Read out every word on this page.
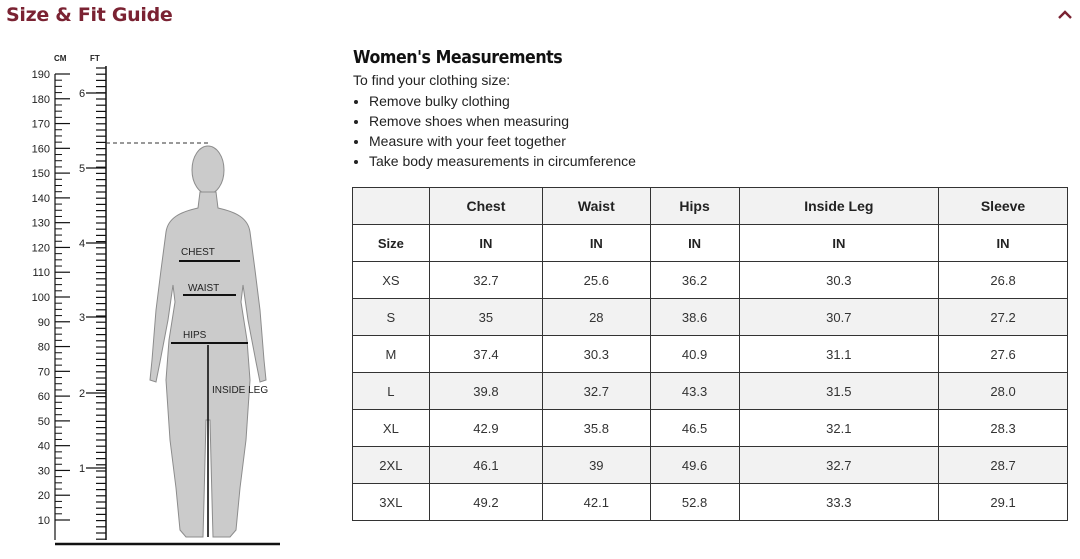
Size & Fit Guide
CM	FT
190
180
170
160
150
140
130
120
110
100
90
80
70
60
50
40
30
20
10
6
5
4
3
2
1
CHEST
WAIST
HIPS
INSIDE LEG
Women's Measurements
To find your clothing size:
• Remove bulky clothing
• Remove shoes when measuring
• Measure with your feet together
• Take body measurements in circumference
	Chest	Waist	Hips	Inside Leg	Sleeve
Size	IN	IN	IN	IN	IN
XS	32.7	25.6	36.2	30.3	26.8
S	35	28	38.6	30.7	27.2
M	37.4	30.3	40.9	31.1	27.6
L	39.8	32.7	43.3	31.5	28.0
XL	42.9	35.8	46.5	32.1	28.3
2XL	46.1	39	49.6	32.7	28.7
3XL	49.2	42.1	52.8	33.3	29.1
